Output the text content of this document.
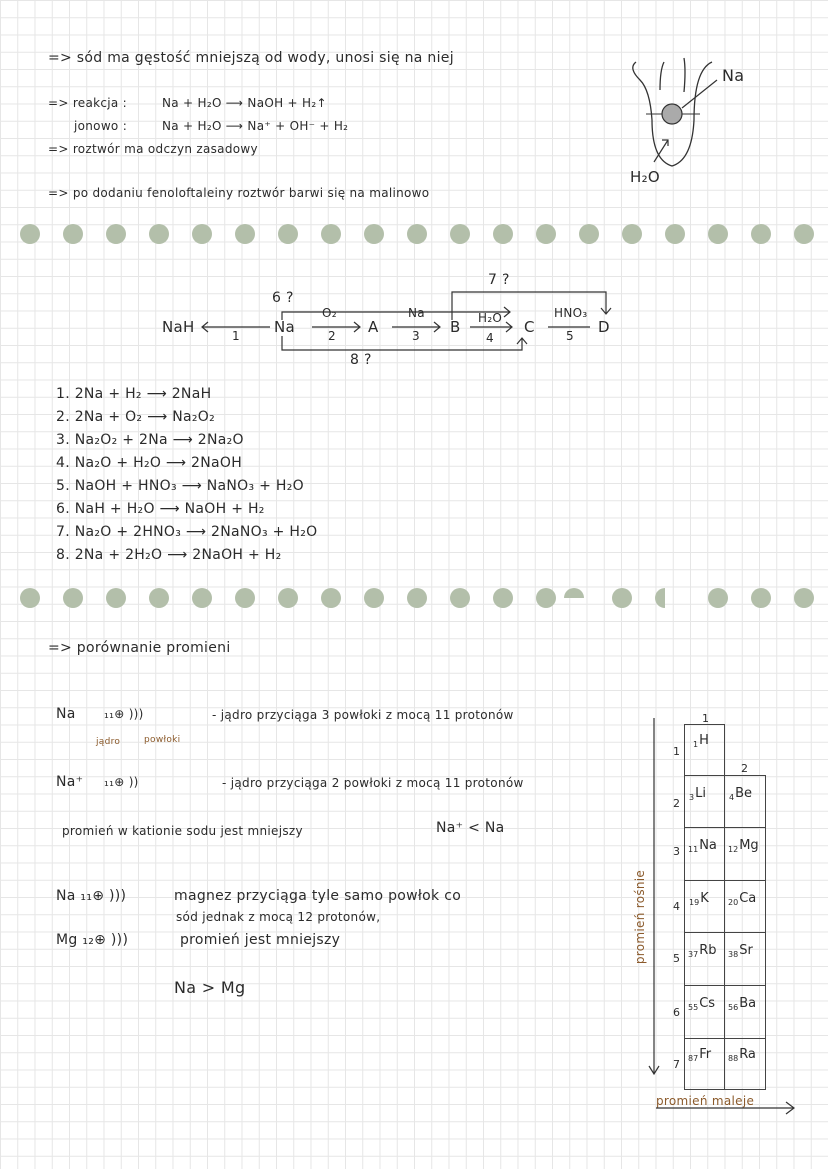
=> sód ma gęstość mniejszą od wody, unosi się na niej
=> reakcja :	Na + H₂O ⟶ NaOH + H₂↑
jonowo :	Na + H₂O ⟶ Na⁺ + OH⁻ + H₂
=> roztwór ma odczyn zasadowy
=> po dodaniu fenoloftaleiny roztwór barwi się na malinowo
Na
H₂O
NaH	Na	A	B	C	D
O₂	Na	H₂O	HNO₃
1	2	3	4	5
6 ?
7 ?
8 ?
1. 2Na + H₂ ⟶ 2NaH
2. 2Na + O₂ ⟶ Na₂O₂
3. Na₂O₂ + 2Na ⟶ 2Na₂O
4. Na₂O + H₂O ⟶ 2NaOH
5. NaOH + HNO₃ ⟶ NaNO₃ + H₂O
6. NaH + H₂O ⟶ NaOH + H₂
7. Na₂O + 2HNO₃ ⟶ 2NaNO₃ + H₂O
8. 2Na + 2H₂O ⟶ 2NaOH + H₂
=> porównanie promieni
Na ₁₁⊕ )))
jądro	powłoki
- jądro przyciąga 3 powłoki z mocą 11 protonów
Na⁺ ₁₁⊕ ))	- jądro przyciąga 2 powłoki z mocą 11 protonów
promień w kationie sodu jest mniejszy	Na⁺ < Na
Na ₁₁⊕ )))	magnez przyciąga tyle samo powłok co
sód jednak z mocą 12 protonów,
Mg ₁₂⊕ )))	promień jest mniejszy
Na > Mg
1
2
1
2
3
4
5
6
7
$_1$H
$_3$Li	$_4$Be
$_{11}$Na $_{12}$Mg
$_{19}$K $_{20}$Ca
$_{37}$Rb $_{38}$Sr
$_{55}$Cs $_{56}$Ba
$_{87}$Fr $_{88}$Ra
promień rośnie
promień maleje
